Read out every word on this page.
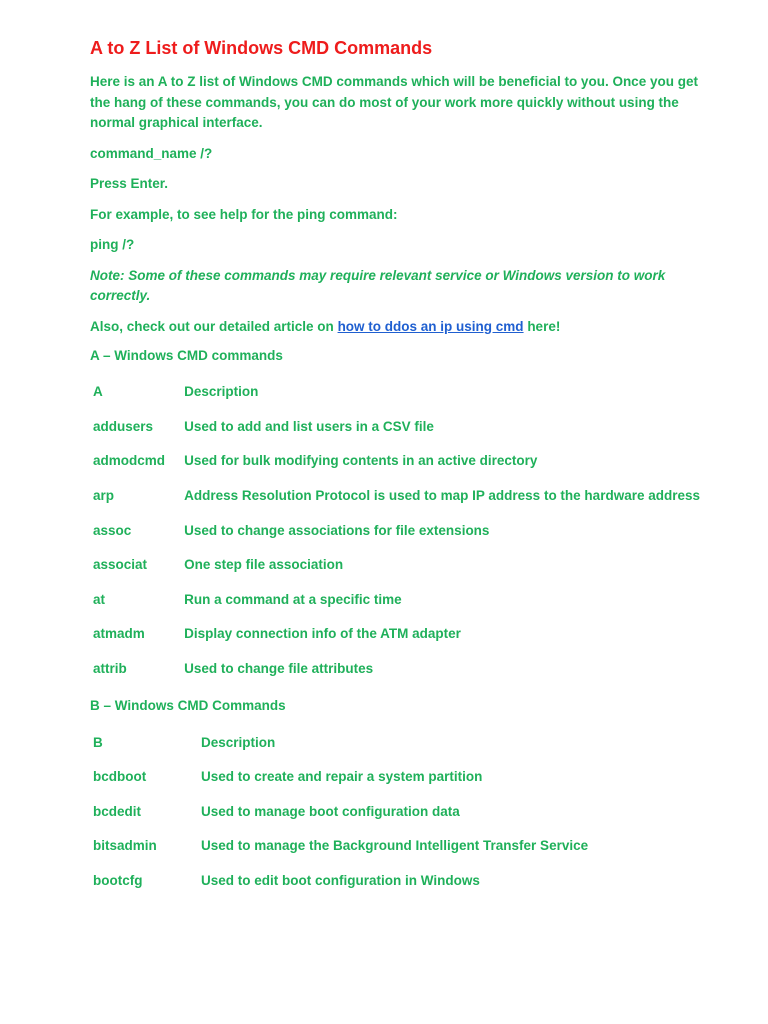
A to Z List of Windows CMD Commands

Here is an A to Z list of Windows CMD commands which will be beneficial to you. Once you get the hang of these commands, you can do most of your work more quickly without using the normal graphical interface.

command_name /?

Press Enter.

For example, to see help for the ping command:

ping /?

Note: Some of these commands may require relevant service or Windows version to work correctly.

Also, check out our detailed article on how to ddos an ip using cmd here!

A – Windows CMD commands
A	Description
addusers	Used to add and list users in a CSV file
admodcmd	Used for bulk modifying contents in an active directory
arp	Address Resolution Protocol is used to map IP address to the hardware address
assoc	Used to change associations for file extensions
associat	One step file association
at	Run a command at a specific time
atmadm	Display connection info of the ATM adapter
attrib	Used to change file attributes
B – Windows CMD Commands
B	Description
bcdboot	Used to create and repair a system partition
bcdedit	Used to manage boot configuration data
bitsadmin	Used to manage the Background Intelligent Transfer Service
bootcfg	Used to edit boot configuration in Windows
